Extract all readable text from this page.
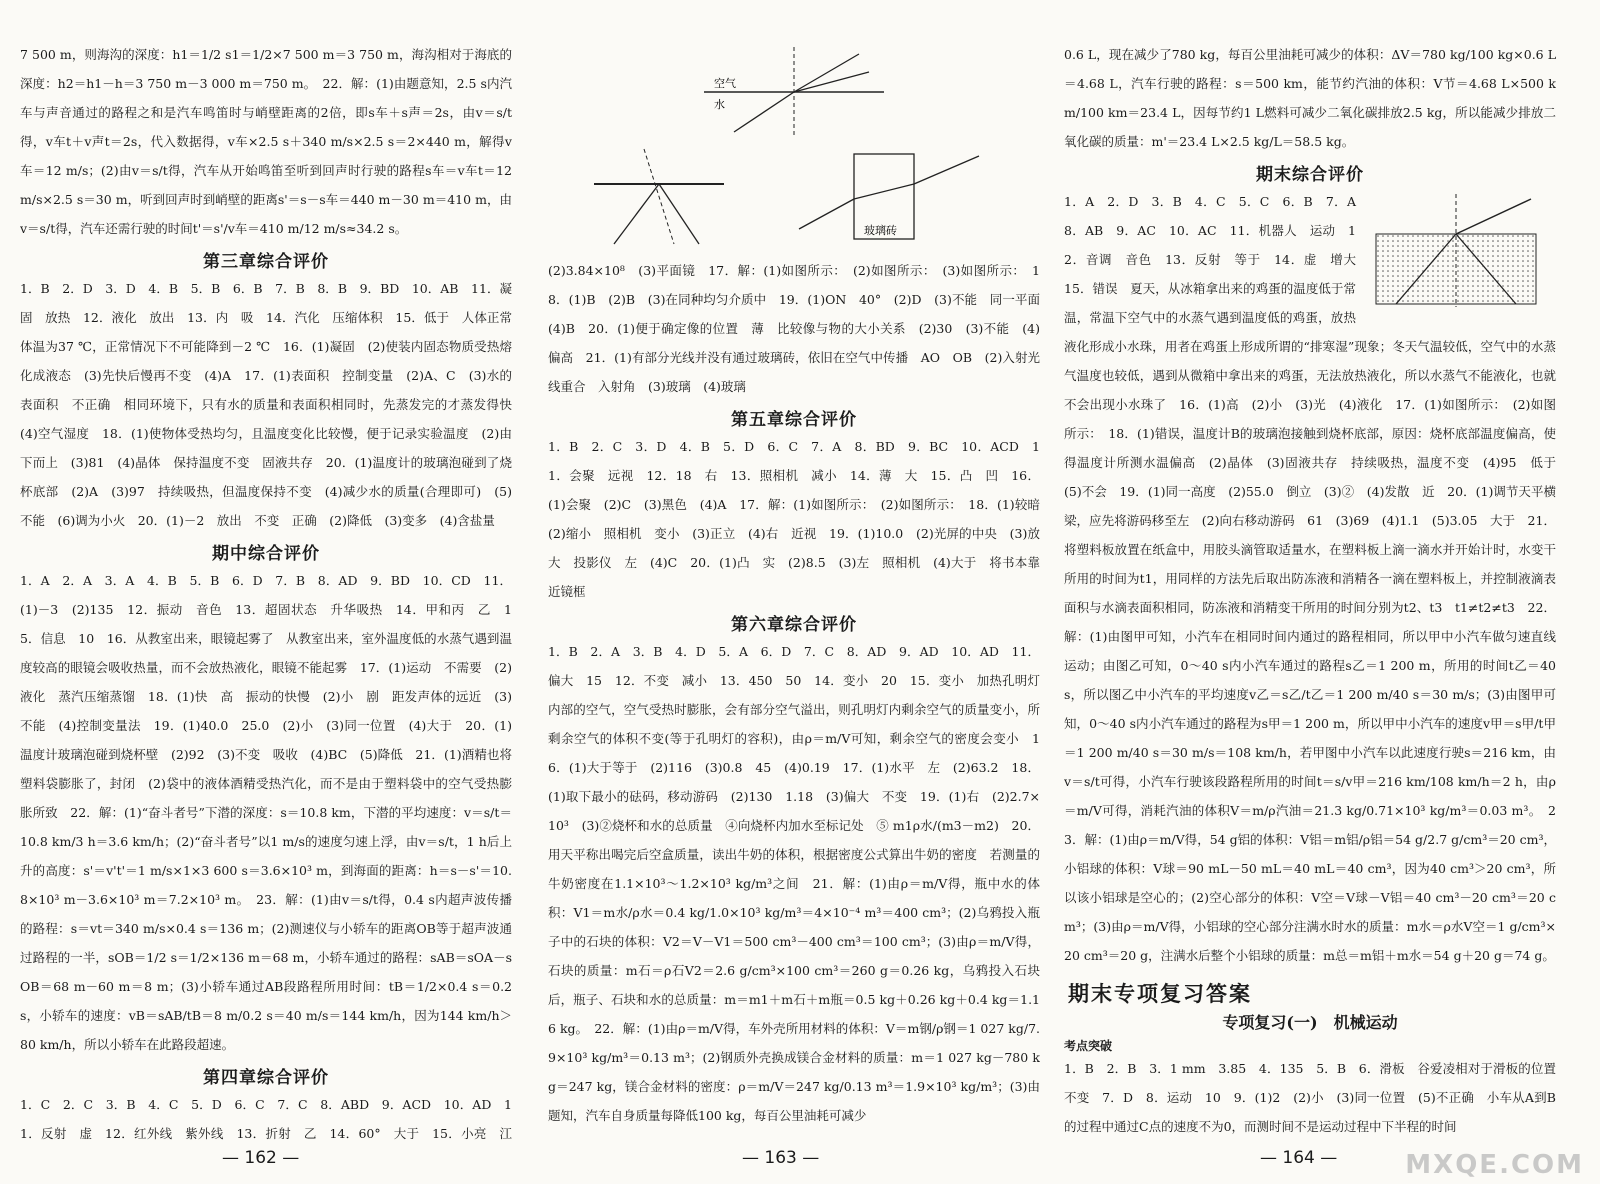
7 500 m，则海沟的深度：h1＝1/2 s1＝1/2×7 500 m＝3 750 m，海沟相对于海底的深度：h2＝h1－h＝3 750 m－3 000 m＝750 m。　22．解：(1)由题意知，2.5 s内汽车与声音通过的路程之和是汽车鸣笛时与峭壁距离的2倍，即s车＋s声＝2s，由v＝s/t得，v车t＋v声t＝2s，代入数据得，v车×2.5 s＋340 m/s×2.5 s＝2×440 m，解得v车＝12 m/s；(2)由v＝s/t得，汽车从开始鸣笛至听到回声时行驶的路程s车＝v车t＝12 m/s×2.5 s＝30 m，听到回声时到峭壁的距离s'＝s－s车＝440 m－30 m＝410 m，由v＝s/t得，汽车还需行驶的时间t'＝s'/v车＝410 m/12 m/s≈34.2 s。

第三章综合评价

1．B　2．D　3．D　4．B　5．B　6．B　7．B　8．B　9．BD　10．AB　11．凝固　放热　12．液化　放出　13．内　吸　14．汽化　压缩体积　15．低于　人体正常体温为37 ℃，正常情况下不可能降到－2 ℃　16．(1)凝固　(2)使装内固态物质受热熔化成液态　(3)先快后慢再不变　(4)A　17．(1)表面积　控制变量　(2)A、C　(3)水的表面积　不正确　相同环境下，只有水的质量和表面积相同时，先蒸发完的才蒸发得快　(4)空气湿度　18．(1)使物体受热均匀，且温度变化比较慢，便于记录实验温度　(2)由下而上　(3)81　(4)晶体　保持温度不变　固液共存　20．(1)温度计的玻璃泡碰到了烧杯底部　(2)A　(3)97　持续吸热，但温度保持不变　(4)减少水的质量(合理即可)　(5)不能　(6)调为小火　20．(1)－2　放出　不变　正确　(2)降低　(3)变多　(4)含盐量

期中综合评价

1．A　2．A　3．A　4．B　5．B　6．D　7．B　8．AD　9．BD　10．CD　11．(1)－3　(2)135　12．振动　音色　13．超固状态　升华吸热　14．甲和丙　乙　15．信息　10　16．从教室出来，眼镜起雾了　从教室出来，室外温度低的水蒸气遇到温度较高的眼镜会吸收热量，而不会放热液化，眼镜不能起雾　17．(1)运动　不需要　(2)液化　蒸汽压缩蒸馏　18．(1)快　高　振动的快慢　(2)小　剧　距发声体的远近　(3)不能　(4)控制变量法　19．(1)40.0　25.0　(2)小　(3)同一位置　(4)大于　20．(1)温度计玻璃泡碰到烧杯壁　(2)92　(3)不变　吸收　(4)BC　(5)降低　21．(1)酒精也将塑料袋膨胀了，封闭　(2)袋中的液体酒精受热汽化，而不是由于塑料袋中的空气受热膨胀所致　22．解：(1)“奋斗者号”下潜的深度：s＝10.8 km，下潜的平均速度：v＝s/t＝10.8 km/3 h＝3.6 km/h；(2)“奋斗者号”以1 m/s的速度匀速上浮，由v＝s/t，1 h后上升的高度：s'＝v't'＝1 m/s×1×3 600 s＝3.6×10³ m，到海面的距离：h＝s－s'＝10.8×10³ m－3.6×10³ m＝7.2×10³ m。　23．解：(1)由v＝s/t得，0.4 s内超声波传播的路程：s＝vt＝340 m/s×0.4 s＝136 m；(2)测速仪与小轿车的距离OB等于超声波通过路程的一半，sOB＝1/2 s＝1/2×136 m＝68 m，小轿车通过的路程：sAB＝sOA－sOB＝68 m－60 m＝8 m；(3)小轿车通过AB段路程所用时间：tB＝1/2×0.4 s＝0.2 s，小轿车的速度：vB＝sAB/tB＝8 m/0.2 s＝40 m/s＝144 km/h，因为144 km/h＞80 km/h，所以小轿车在此路段超速。

第四章综合评价

1．C　2．C　3．B　4．C　5．D　6．C　7．C　8．ABD　9．ACD　10．AD　11．反射　虚　12．红外线　紫外线　13．折射　乙　14．60°　大于　15．小亮　江　　

空气
水
玻璃砖

(2)3.84×10⁸　(3)平面镜　17．解：(1)如图所示：　(2)如图所示：　(3)如图所示：　18．(1)B　(2)B　(3)在同种均匀介质中　19．(1)ON　40°　(2)D　(3)不能　同一平面　(4)B　20．(1)便于确定像的位置　薄　比较像与物的大小关系　(2)30　(3)不能　(4)偏高　21．(1)有部分光线并没有通过玻璃砖，依旧在空气中传播　AO　OB　(2)入射光线重合　入射角　(3)玻璃　(4)玻璃

第五章综合评价

1．B　2．C　3．D　4．B　5．D　6．C　7．A　8．BD　9．BC　10．ACD　11．会聚　远视　12．18　右　13．照相机　减小　14．薄　大　15．凸　凹　16．(1)会聚　(2)C　(3)黑色　(4)A　17．解：(1)如图所示：　(2)如图所示：　18．(1)较暗　(2)缩小　照相机　变小　(3)正立　(4)右　近视　19．(1)10.0　(2)光屏的中央　(3)放大　投影仪　左　(4)C　20．(1)凸　实　(2)8.5　(3)左　照相机　(4)大于　将书本靠近镜框

第六章综合评价

1．B　2．A　3．B　4．D　5．A　6．D　7．C　8．AD　9．AD　10．AD　11．偏大　15　12．不变　减小　13．450　50　14．变小　20　15．变小　加热孔明灯内部的空气，空气受热时膨胀，会有部分空气溢出，则孔明灯内剩余空气的质量变小，所剩余空气的体积不变(等于孔明灯的容积)，由ρ＝m/V可知，剩余空气的密度会变小　16．(1)大于等于　(2)116　(3)0.8　45　(4)0.19　17．(1)水平　左　(2)63.2　18．(1)取下最小的砝码，移动游码　(2)130　1.18　(3)偏大　不变　19．(1)右　(2)2.7×10³　(3)②烧杯和水的总质量　④向烧杯内加水至标记处　⑤ m1ρ水/(m3－m2)　20．用天平称出喝完后空盒质量，读出牛奶的体积，根据密度公式算出牛奶的密度　若测量的牛奶密度在1.1×10³～1.2×10³ kg/m³之间　21．解：(1)由ρ＝m/V得，瓶中水的体积：V1＝m水/ρ水＝0.4 kg/1.0×10³ kg/m³＝4×10⁻⁴ m³＝400 cm³；(2)乌鸦投入瓶子中的石块的体积：V2＝V－V1＝500 cm³－400 cm³＝100 cm³；(3)由ρ＝m/V得，石块的质量：m石＝ρ石V2＝2.6 g/cm³×100 cm³＝260 g＝0.26 kg，乌鸦投入石块后，瓶子、石块和水的总质量：m＝m1＋m石＋m瓶＝0.5 kg＋0.26 kg＋0.4 kg＝1.16 kg。　22．解：(1)由ρ＝m/V得，车外壳所用材料的体积：V＝m钢/ρ钢＝1 027 kg/7.9×10³ kg/m³＝0.13 m³；(2)钢质外壳换成镁合金材料的质量：m＝1 027 kg－780 kg＝247 kg，镁合金材料的密度：ρ＝m/V＝247 kg/0.13 m³＝1.9×10³ kg/m³；(3)由题知，汽车自身质量每降低100 kg，每百公里油耗可减少

0.6 L，现在减少了780 kg，每百公里油耗可减少的体积：ΔV＝780 kg/100 kg×0.6 L＝4.68 L，汽车行驶的路程：s＝500 km，能节约汽油的体积：V节＝4.68 L×500 km/100 km＝23.4 L，因每节约1 L燃料可减少二氧化碳排放2.5 kg，所以能减少排放二氧化碳的质量：m'＝23.4 L×2.5 kg/L＝58.5 kg。

期末综合评价

1．A　2．D　3．B　4．C　5．C　6．B　7．A　8．AB　9．AC　10．AC　11．机器人　运动　12．音调　音色　13．反射　等于　14．虚　增大　15．错误　夏天，从冰箱拿出来的鸡蛋的温度低于常温，常温下空气中的水蒸气遇到温度低的鸡蛋，放热液化形成小水珠，用者在鸡蛋上形成所谓的“排寒湿”现象；冬天气温较低，空气中的水蒸气温度也较低，遇到从微箱中拿出来的鸡蛋，无法放热液化，所以水蒸气不能液化，也就不会出现小水珠了　16．(1)高　(2)小　(3)光　(4)液化　17．(1)如图所示：　(2)如图所示：　18．(1)错误，温度计B的玻璃泡接触到烧杯底部，原因：烧杯底部温度偏高，使得温度计所测水温偏高　(2)晶体　(3)固液共存　持续吸热，温度不变　(4)95　低于　(5)不会　19．(1)同一高度　(2)55.0　倒立　(3)②　(4)发散　近　20．(1)调节天平横梁，应先将游码移至左　(2)向右移动游码　61　(3)69　(4)1.1　(5)3.05　大于　21．将塑料板放置在纸盒中，用胶头滴管取适量水，在塑料板上滴一滴水并开始计时，水变干所用的时间为t1，用同样的方法先后取出防冻液和消精各一滴在塑料板上，并控制液滴表面积与水滴表面积相同，防冻液和消精变干所用的时间分别为t2、t3　t1≠t2≠t3　22．解：(1)由图甲可知，小汽车在相同时间内通过的路程相同，所以甲中小汽车做匀速直线运动；由图乙可知，0～40 s内小汽车通过的路程s乙＝1 200 m，所用的时间t乙＝40 s，所以图乙中小汽车的平均速度v乙＝s乙/t乙＝1 200 m/40 s＝30 m/s；(3)由图甲可知，0～40 s内小汽车通过的路程为s甲＝1 200 m，所以甲中小汽车的速度v甲＝s甲/t甲＝1 200 m/40 s＝30 m/s＝108 km/h，若甲图中小汽车以此速度行驶s＝216 km，由v＝s/t可得，小汽车行驶该段路程所用的时间t＝s/v甲＝216 km/108 km/h＝2 h，由ρ＝m/V可得，消耗汽油的体积V＝m/ρ汽油＝21.3 kg/0.71×10³ kg/m³＝0.03 m³。　23．解：(1)由ρ＝m/V得，54 g铝的体积：V铝＝m铝/ρ铝＝54 g/2.7 g/cm³＝20 cm³，小铝球的体积：V球＝90 mL－50 mL＝40 mL＝40 cm³，因为40 cm³＞20 cm³，所以该小铝球是空心的；(2)空心部分的体积：V空＝V球－V铝＝40 cm³－20 cm³＝20 cm³；(3)由ρ＝m/V得，小铝球的空心部分注满水时水的质量：m水＝ρ水V空＝1 g/cm³×20 cm³＝20 g，注满水后整个小铝球的质量：m总＝m铝＋m水＝54 g＋20 g＝74 g。

期末专项复习答案
专项复习(一)　机械运动
考点突破

1．B　2．B　3．1 mm　3.85　4．135　5．B　6．滑板　谷爱凌相对于滑板的位置不变　7．D　8．运动　10　9．(1)2　(2)小　(3)同一位置　(5)不正确　小车从A到B的过程中通过C点的速度不为0，而测时间不是运动过程中下半程的时间

— 162 —	— 163 —	— 164 —	MXQE.COM
